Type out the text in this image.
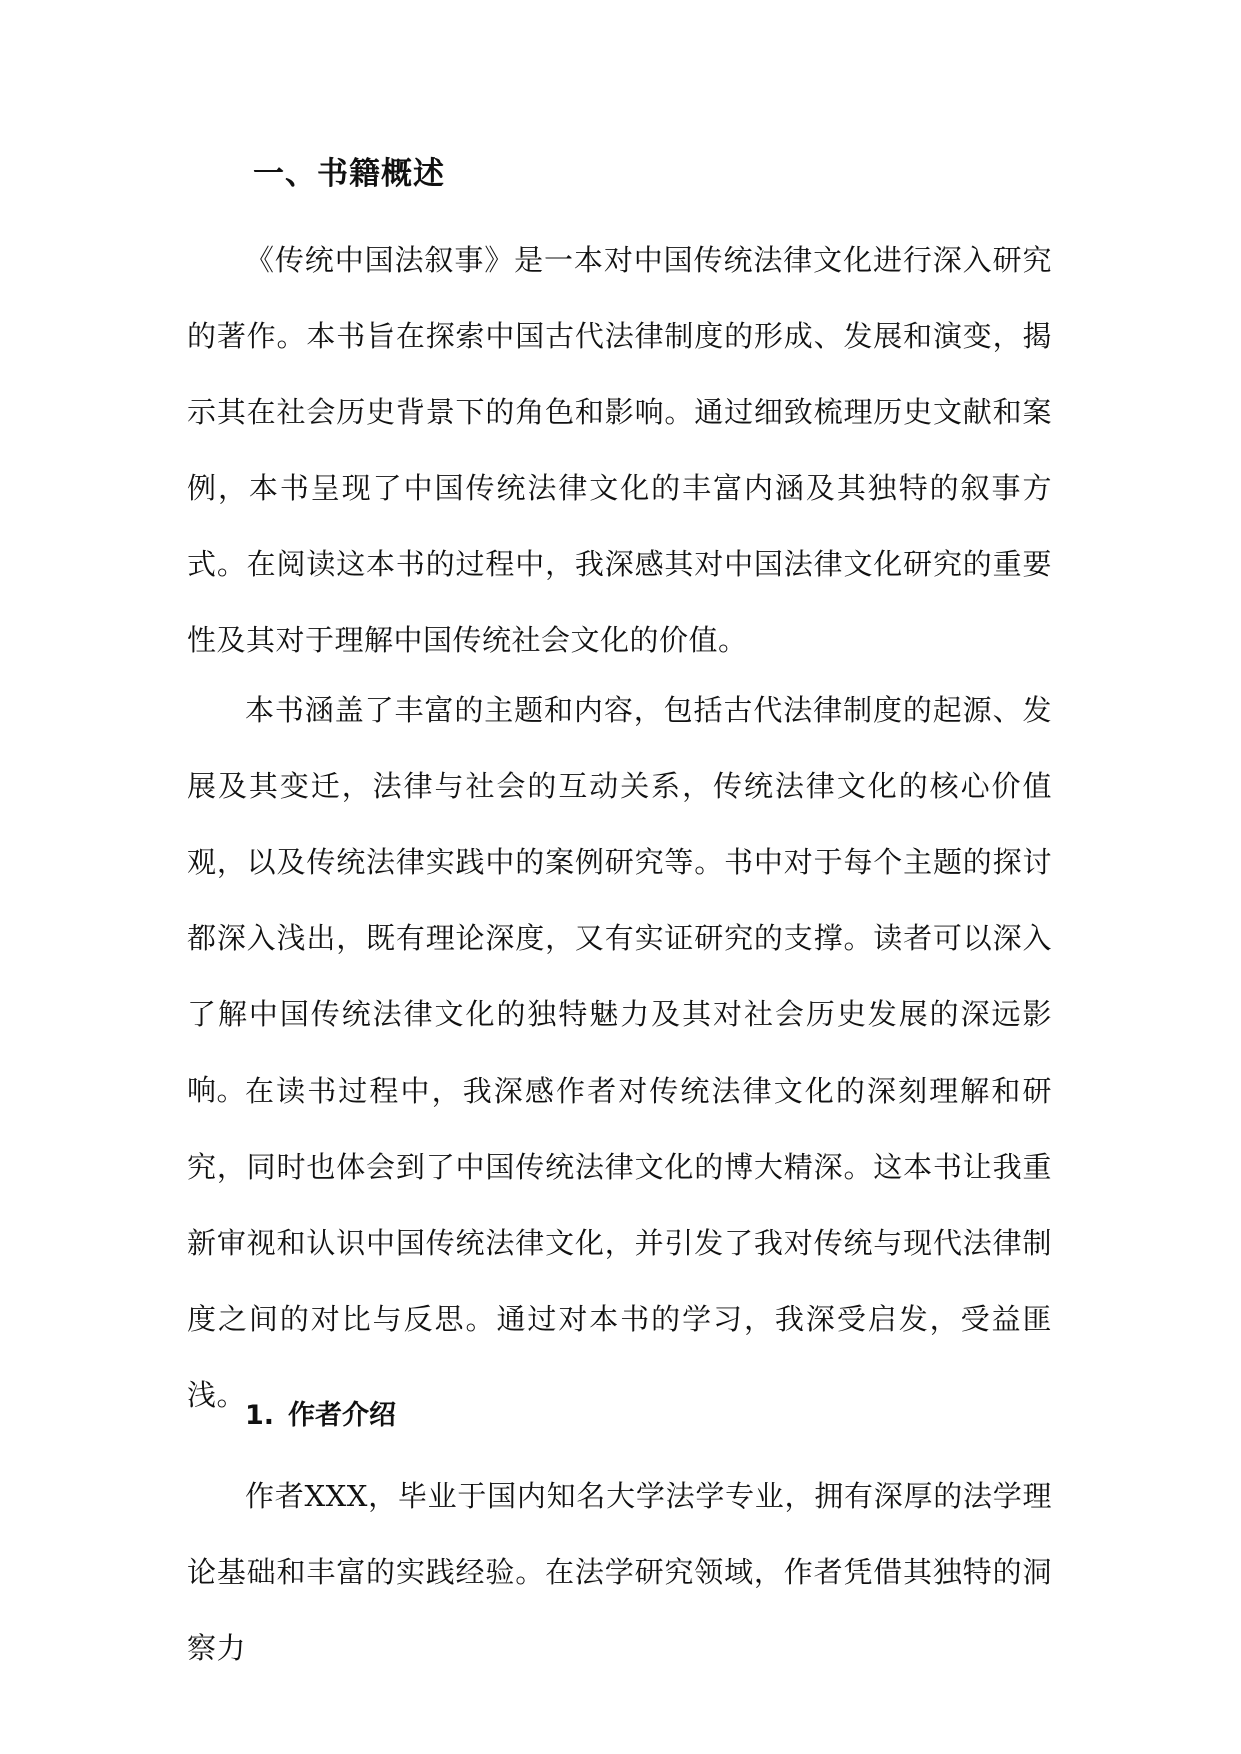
一、书籍概述

《传统中国法叙事》是一本对中国传统法律文化进行深入研究的著作。本书旨在探索中国古代法律制度的形成、发展和演变，揭示其在社会历史背景下的角色和影响。通过细致梳理历史文献和案例，本书呈现了中国传统法律文化的丰富内涵及其独特的叙事方式。在阅读这本书的过程中，我深感其对中国法律文化研究的重要性及其对于理解中国传统社会文化的价值。

本书涵盖了丰富的主题和内容，包括古代法律制度的起源、发展及其变迁，法律与社会的互动关系，传统法律文化的核心价值观，以及传统法律实践中的案例研究等。书中对于每个主题的探讨都深入浅出，既有理论深度，又有实证研究的支撑。读者可以深入了解中国传统法律文化的独特魅力及其对社会历史发展的深远影响。

在读书过程中，我深感作者对传统法律文化的深刻理解和研究，同时也体会到了中国传统法律文化的博大精深。这本书让我重新审视和认识中国传统法律文化，并引发了我对传统与现代法律制度之间的对比与反思。通过对本书的学习，我深受启发，受益匪浅。

1. 作者介绍

作者XXX，毕业于国内知名大学法学专业，拥有深厚的法学理论基础和丰富的实践经验。在法学研究领域，作者凭借其独特的洞察力
